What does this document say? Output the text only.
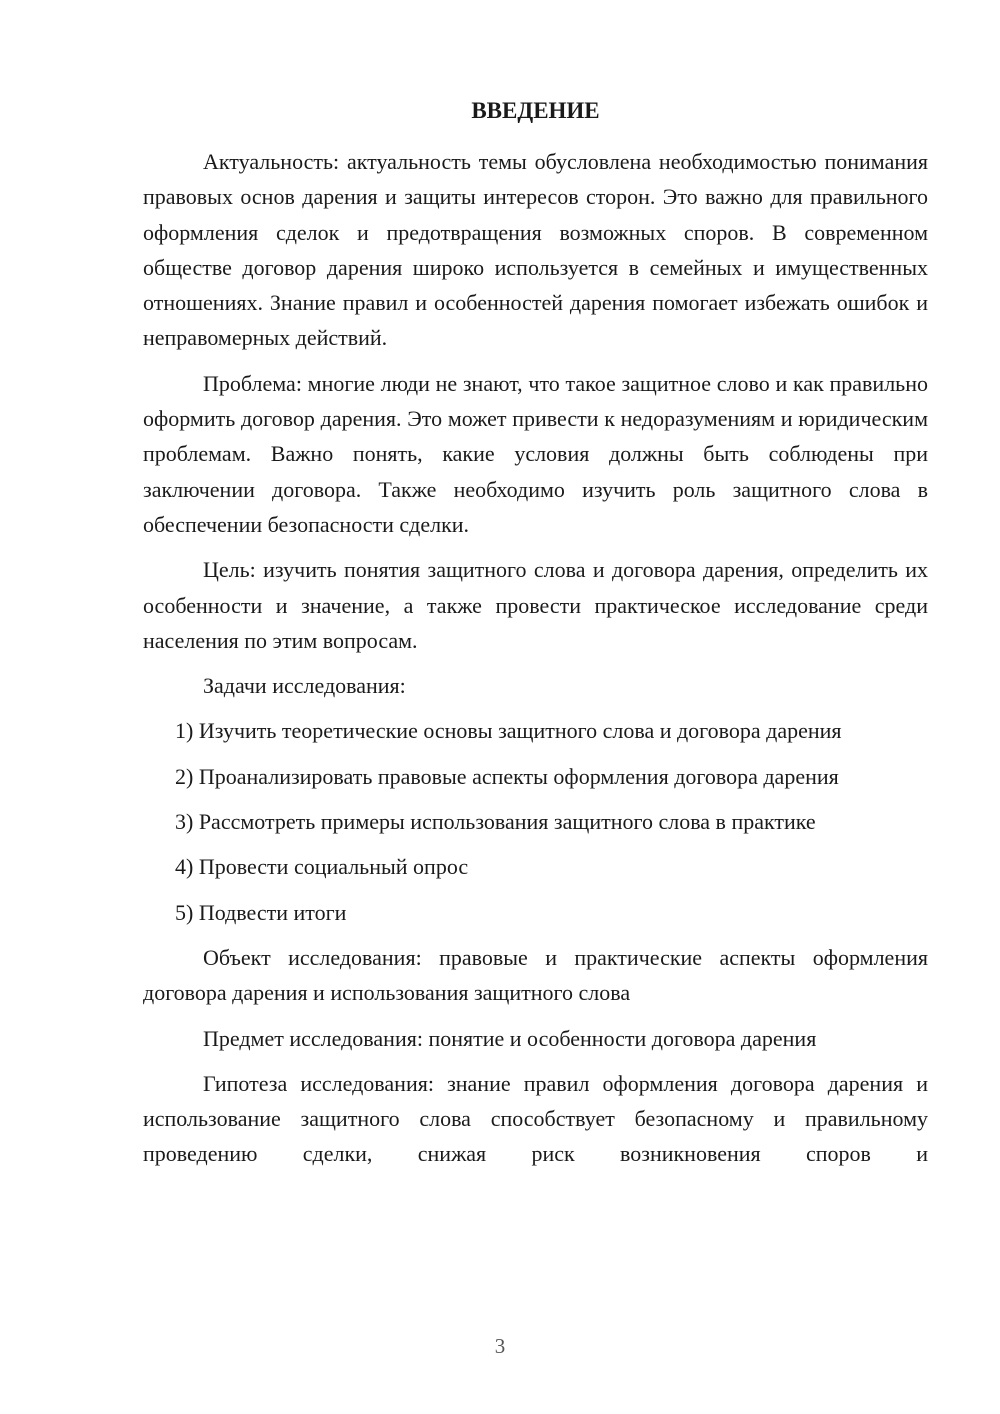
ВВЕДЕНИЕ

Актуальность: актуальность темы обусловлена необходимостью понимания правовых основ дарения и защиты интересов сторон. Это важно для правильного оформления сделок и предотвращения возможных споров. В современном обществе договор дарения широко используется в семейных и имущественных отношениях. Знание правил и особенностей дарения помогает избежать ошибок и неправомерных действий.

Проблема: многие люди не знают, что такое защитное слово и как правильно оформить договор дарения. Это может привести к недоразумениям и юридическим проблемам. Важно понять, какие условия должны быть соблюдены при заключении договора. Также необходимо изучить роль защитного слова в обеспечении безопасности сделки.

Цель: изучить понятия защитного слова и договора дарения, определить их особенности и значение, а также провести практическое исследование среди населения по этим вопросам.

Задачи исследования:

1) Изучить теоретические основы защитного слова и договора дарения

2) Проанализировать правовые аспекты оформления договора дарения

3) Рассмотреть примеры использования защитного слова в практике

4) Провести социальный опрос

5) Подвести итоги

Объект исследования: правовые и практические аспекты оформления договора дарения и использования защитного слова

Предмет исследования: понятие и особенности договора дарения

Гипотеза исследования: знание правил оформления договора дарения и использование защитного слова способствует безопасному и правильному проведению сделки, снижая риск возникновения споров и

3
